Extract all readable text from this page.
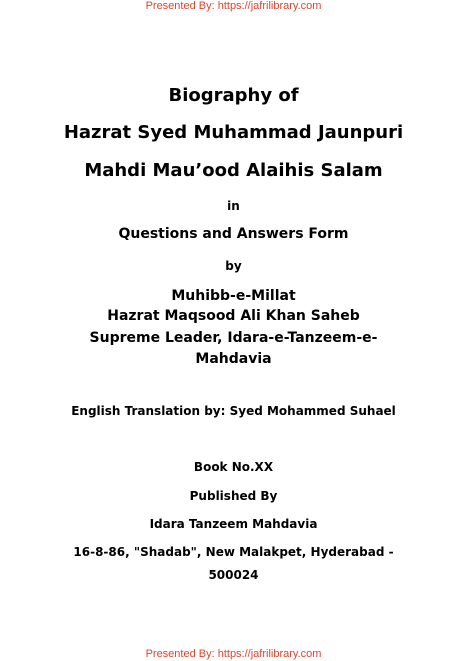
Presented By: https://jafrilibrary.com
Biography of
Hazrat Syed Muhammad Jaunpuri
Mahdi Mau’ood Alaihis Salam
in
Questions and Answers Form
by
Muhibb-e-Millat
Hazrat Maqsood Ali Khan Saheb
Supreme Leader, Idara-e-Tanzeem-e-
Mahdavia
English Translation by: Syed Mohammed Suhael
Book No.XX
Published By
Idara Tanzeem Mahdavia
16-8-86, "Shadab", New Malakpet, Hyderabad -
500024
Presented By: https://jafrilibrary.com
